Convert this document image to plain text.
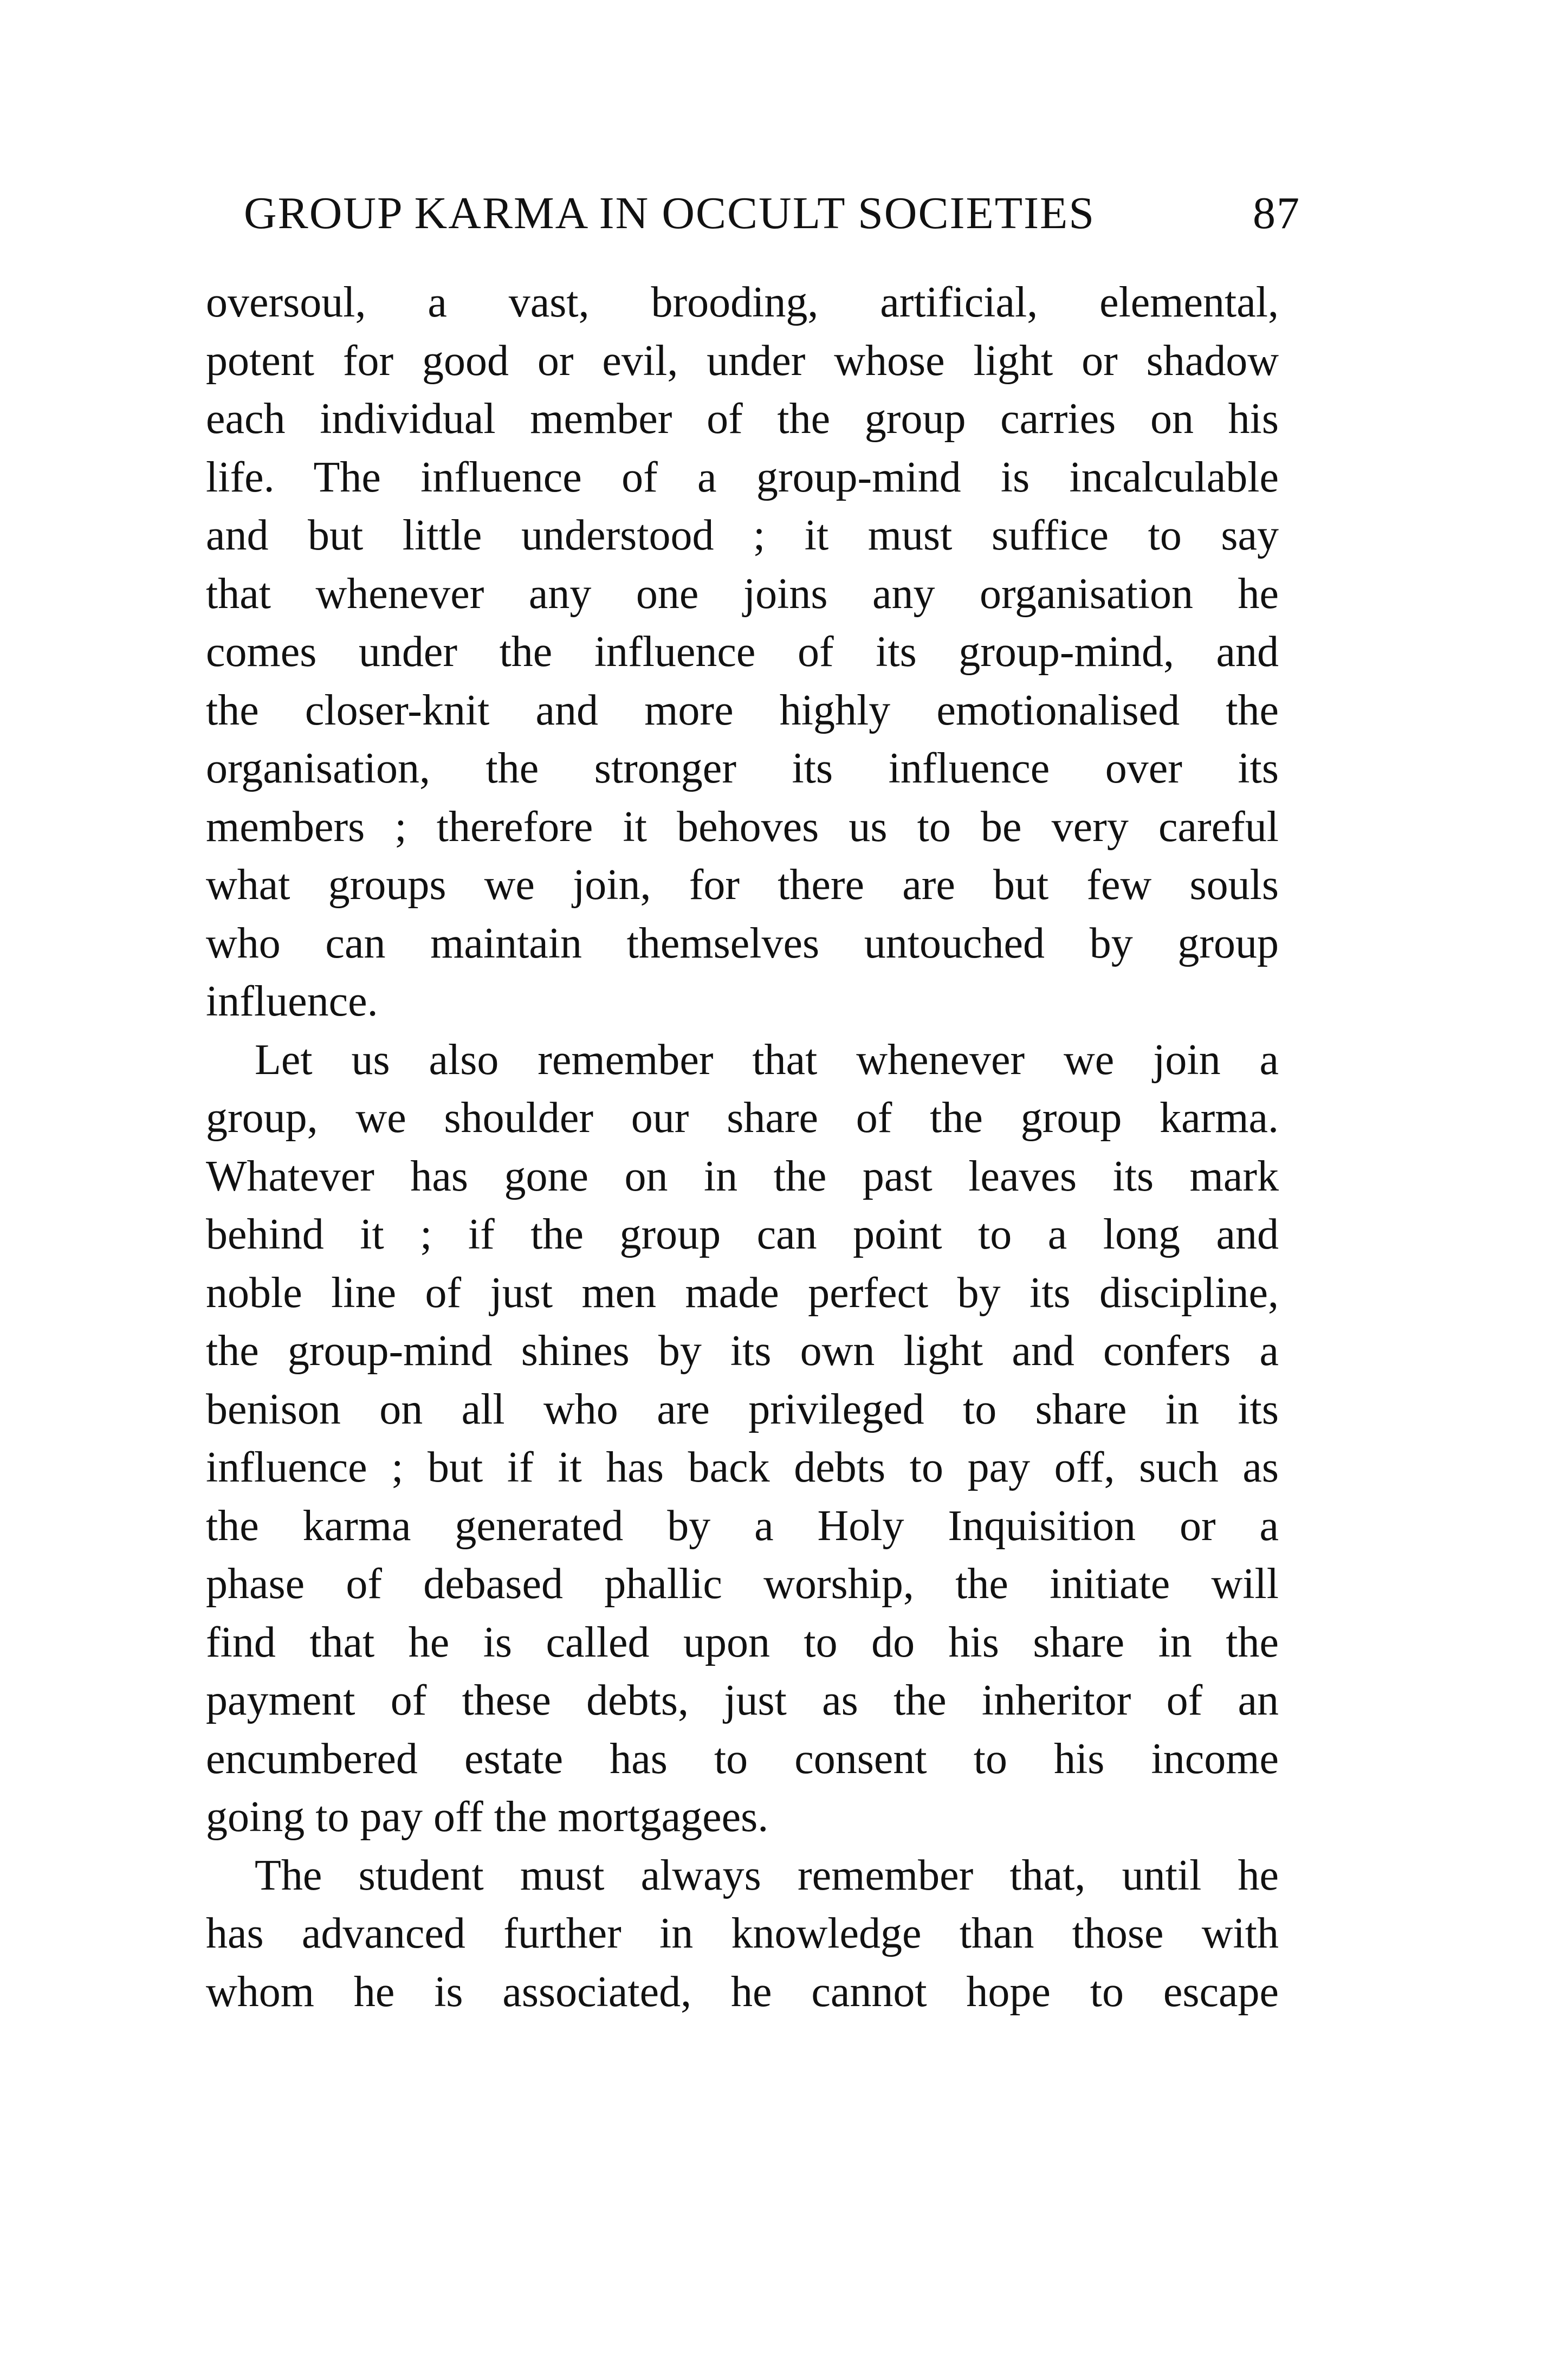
GROUP KARMA IN OCCULT SOCIETIES	87

oversoul, a vast, brooding, artificial, elemental,
potent for good or evil, under whose light or shadow
each individual member of the group carries on his
life. The influence of a group-mind is incalculable
and but little understood ; it must suffice to say
that whenever any one joins any organisation he
comes under the influence of its group-mind, and
the closer-knit and more highly emotionalised the
organisation, the stronger its influence over its
members ; therefore it behoves us to be very careful
what groups we join, for there are but few souls
who can maintain themselves untouched by group
influence.

Let us also remember that whenever we join a
group, we shoulder our share of the group karma.
Whatever has gone on in the past leaves its mark
behind it ; if the group can point to a long and
noble line of just men made perfect by its discipline,
the group-mind shines by its own light and confers a
benison on all who are privileged to share in its
influence ; but if it has back debts to pay off, such as
the karma generated by a Holy Inquisition or a
phase of debased phallic worship, the initiate will
find that he is called upon to do his share in the
payment of these debts, just as the inheritor of an
encumbered estate has to consent to his income
going to pay off the mortgagees.

The student must always remember that, until he
has advanced further in knowledge than those with
whom he is associated, he cannot hope to escape
